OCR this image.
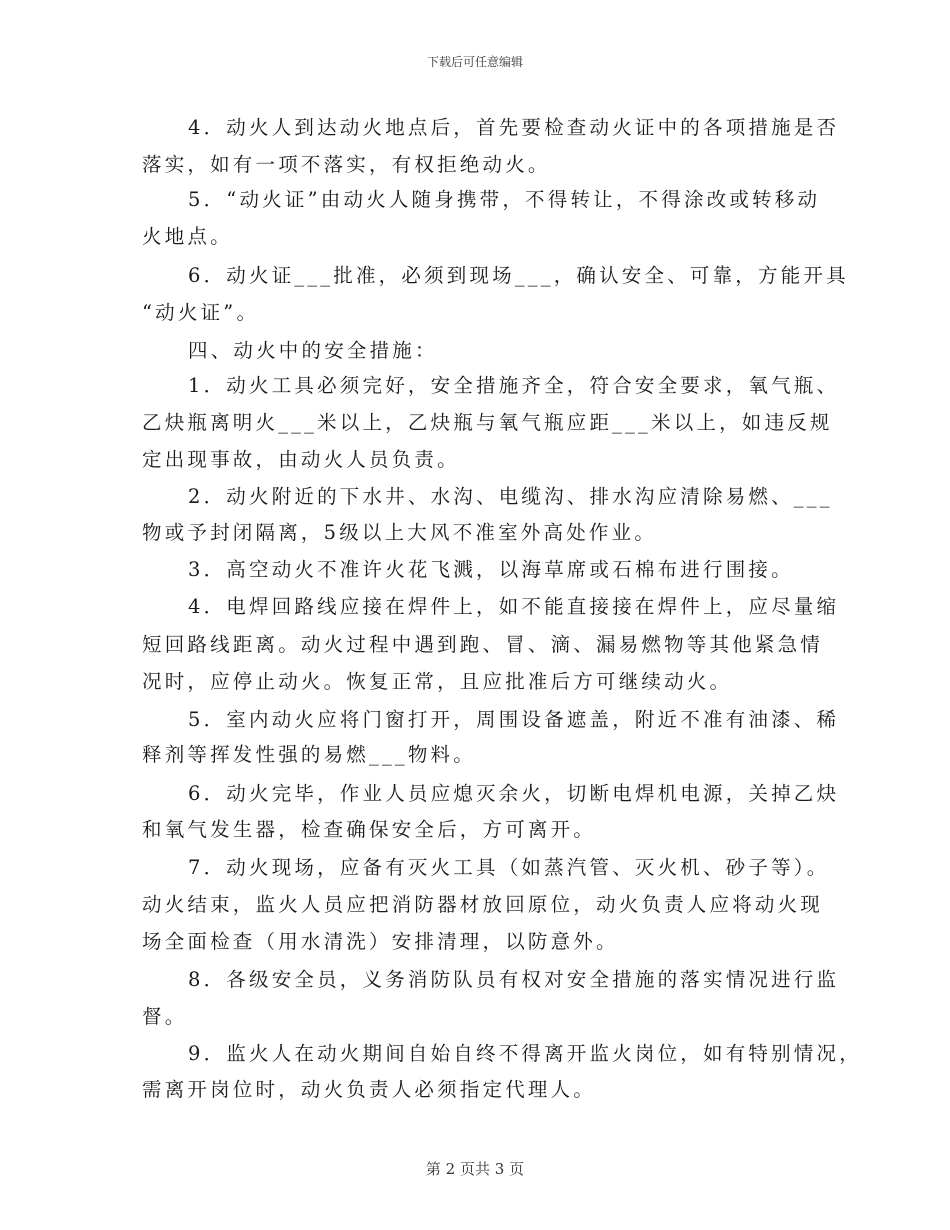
下载后可任意编辑
4．动火人到达动火地点后，首先要检查动火证中的各项措施是否
落实，如有一项不落实，有权拒绝动火。
5．“动火证”由动火人随身携带，不得转让，不得涂改或转移动
火地点。
6．动火证___批准，必须到现场___，确认安全、可靠，方能开具
“动火证”。
四、动火中的安全措施：
1．动火工具必须完好，安全措施齐全，符合安全要求，氧气瓶、
乙炔瓶离明火___米以上，乙炔瓶与氧气瓶应距___米以上，如违反规
定出现事故，由动火人员负责。
2．动火附近的下水井、水沟、电缆沟、排水沟应清除易燃、___
物或予封闭隔离，5级以上大风不准室外高处作业。
3．高空动火不准许火花飞溅，以海草席或石棉布进行围接。
4．电焊回路线应接在焊件上，如不能直接接在焊件上，应尽量缩
短回路线距离。动火过程中遇到跑、冒、滴、漏易燃物等其他紧急情
况时，应停止动火。恢复正常，且应批准后方可继续动火。
5．室内动火应将门窗打开，周围设备遮盖，附近不准有油漆、稀
释剂等挥发性强的易燃___物料。
6．动火完毕，作业人员应熄灭余火，切断电焊机电源，关掉乙炔
和氧气发生器，检查确保安全后，方可离开。
7．动火现场，应备有灭火工具（如蒸汽管、灭火机、砂子等）。
动火结束，监火人员应把消防器材放回原位，动火负责人应将动火现
场全面检查（用水清洗）安排清理，以防意外。
8．各级安全员，义务消防队员有权对安全措施的落实情况进行监
督。
9．监火人在动火期间自始自终不得离开监火岗位，如有特别情况，
需离开岗位时，动火负责人必须指定代理人。
第 2 页共 3 页
